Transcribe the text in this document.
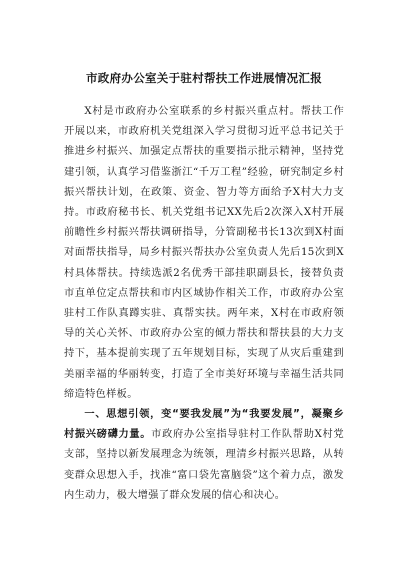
市政府办公室关于驻村帮扶工作进展情况汇报

X村是市政府办公室联系的乡村振兴重点村。帮扶工作开展以来，市政府机关党组深入学习贯彻习近平总书记关于推进乡村振兴、加强定点帮扶的重要指示批示精神，坚持党建引领，认真学习借鉴浙江“千万工程”经验，研究制定乡村振兴帮扶计划，在政策、资金、智力等方面给予X村大力支持。市政府秘书长、机关党组书记XX先后2次深入X村开展前瞻性乡村振兴帮扶调研指导，分管副秘书长13次到X村面对面帮扶指导，局乡村振兴帮扶办公室负责人先后15次到X村具体帮扶。持续选派2名优秀干部挂职副县长，接替负责市直单位定点帮扶和市内区域协作相关工作，市政府办公室驻村工作队真蹲实驻、真帮实扶。两年来，X村在市政府领导的关心关怀、市政府办公室的倾力帮扶和帮扶县的大力支持下，基本提前实现了五年规划目标，实现了从灾后重建到美丽幸福的华丽转变，打造了全市美好环境与幸福生活共同缔造特色样板。

一、思想引领，变“要我发展”为“我要发展”，凝聚乡村振兴磅礴力量。市政府办公室指导驻村工作队帮助X村党支部，坚持以新发展理念为统领，理清乡村振兴思路，从转变群众思想入手，找准“富口袋先富脑袋”这个着力点，激发内生动力，极大增强了群众发展的信心和决心。
